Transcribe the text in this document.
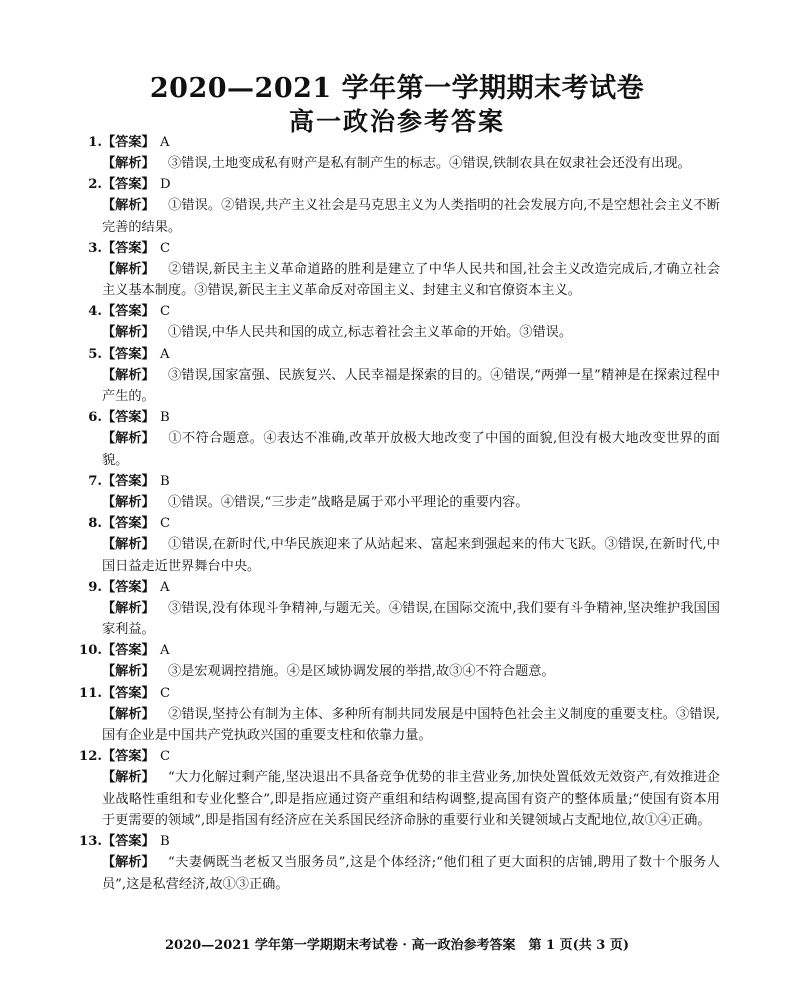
2020—2021 学年第一学期期末考试卷
高一政治参考答案
1.【答案】 A
【解析】 ③错误,土地变成私有财产是私有制产生的标志。④错误,铁制农具在奴隶社会还没有出现。
2.【答案】 D
【解析】 ①错误。②错误,共产主义社会是马克思主义为人类指明的社会发展方向,不是空想社会主义不断完善的结果。
3.【答案】 C
【解析】 ②错误,新民主主义革命道路的胜利是建立了中华人民共和国,社会主义改造完成后,才确立社会主义基本制度。③错误,新民主主义革命反对帝国主义、封建主义和官僚资本主义。
4.【答案】 C
【解析】 ①错误,中华人民共和国的成立,标志着社会主义革命的开始。③错误。
5.【答案】 A
【解析】 ③错误,国家富强、民族复兴、人民幸福是探索的目的。④错误,“两弹一星”精神是在探索过程中产生的。
6.【答案】 B
【解析】 ①不符合题意。④表达不准确,改革开放极大地改变了中国的面貌,但没有极大地改变世界的面貌。
7.【答案】 B
【解析】 ①错误。④错误,“三步走”战略是属于邓小平理论的重要内容。
8.【答案】 C
【解析】 ①错误,在新时代,中华民族迎来了从站起来、富起来到强起来的伟大飞跃。③错误,在新时代,中国日益走近世界舞台中央。
9.【答案】 A
【解析】 ③错误,没有体现斗争精神,与题无关。④错误,在国际交流中,我们要有斗争精神,坚决维护我国国家利益。
10.【答案】 A
【解析】 ③是宏观调控措施。④是区域协调发展的举措,故③④不符合题意。
11.【答案】 C
【解析】 ②错误,坚持公有制为主体、多种所有制共同发展是中国特色社会主义制度的重要支柱。③错误,国有企业是中国共产党执政兴国的重要支柱和依靠力量。
12.【答案】 C
【解析】 “大力化解过剩产能,坚决退出不具备竞争优势的非主营业务,加快处置低效无效资产,有效推进企业战略性重组和专业化整合”,即是指应通过资产重组和结构调整,提高国有资产的整体质量;“使国有资本用于更需要的领域”,即是指国有经济应在关系国民经济命脉的重要行业和关键领域占支配地位,故①④正确。
13.【答案】 B
【解析】 “夫妻俩既当老板又当服务员”,这是个体经济;“他们租了更大面积的店铺,聘用了数十个服务人员”,这是私营经济,故①③正确。
2020—2021 学年第一学期期末考试卷 · 高一政治参考答案　第 1 页(共 3 页)
